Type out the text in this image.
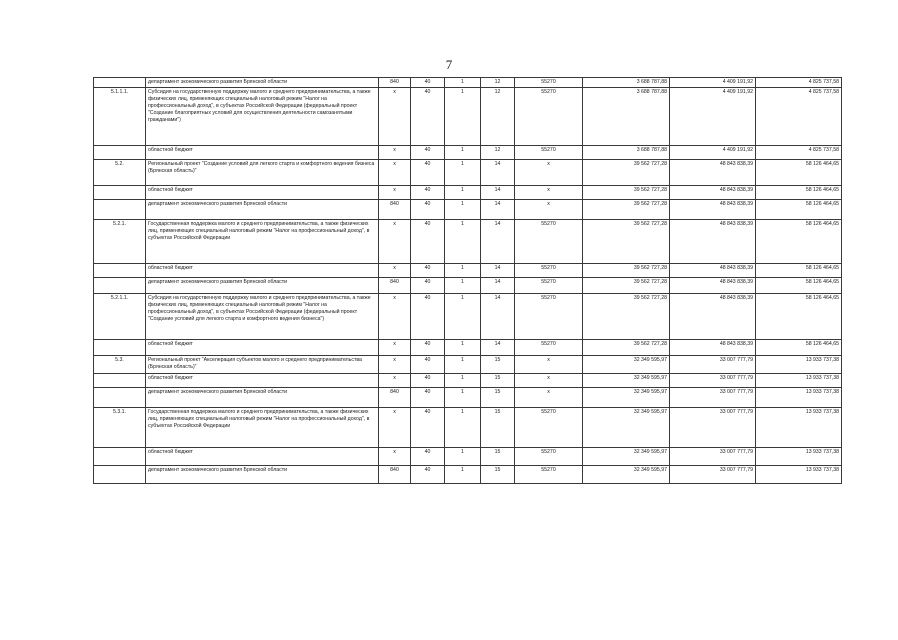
7
	департамент экономического развития Брянской области	840	40	1	12	55270	3 688 787,88	4 409 191,92	4 825 737,58
5.1.1.1.	Субсидия на государственную поддержку малого и среднего предпринимательства, а также физических лиц, применяющих специальный налоговый режим "Налог на профессиональный доход", в субъектах Российской Федерации (федеральный проект "Создание благоприятных условий для осуществления деятельности самозанятыми гражданами")	х	40	1	12	55270	3 688 787,88	4 409 191,92	4 825 737,58
	областной бюджет	х	40	1	12	55270	3 688 787,88	4 409 191,92	4 825 737,58
5.2.	Региональный проект "Создание условий для легкого старта и комфортного ведения бизнеса (Брянская область)"	х	40	1	14	х	39 562 727,28	48 843 838,39	58 126 464,65
	областной бюджет	х	40	1	14	х	39 562 727,28	48 843 838,39	58 126 464,65
	департамент экономического развития Брянской области	840	40	1	14	х	39 562 727,28	48 843 838,39	58 126 464,65
5.2.1.	Государственная поддержка малого и среднего предпринимательства, а также физических лиц, применяющих специальный налоговый режим "Налог на профессиональный доход", в субъектах Российской Федерации	х	40	1	14	55270	39 562 727,28	48 843 838,39	58 126 464,65
	областной бюджет	х	40	1	14	55270	39 562 727,28	48 843 838,39	58 126 464,65
	департамент экономического развития Брянской области	840	40	1	14	55270	39 562 727,28	48 843 838,39	58 126 464,65
5.2.1.1.	Субсидия на государственную поддержку малого и среднего предпринимательства, а также физических лиц, применяющих специальный налоговый режим "Налог на профессиональный доход", в субъектах Российской Федерации (федеральный проект "Создание условий для легкого старта и комфортного ведения бизнеса")	х	40	1	14	55270	39 562 727,28	48 843 838,39	58 126 464,65
	областной бюджет	х	40	1	14	55270	39 562 727,28	48 843 838,39	58 126 464,65
5.3.	Региональный проект "Акселерация субъектов малого и среднего предпринимательства (Брянская область)"	х	40	1	15	х	32 349 595,97	33 007 777,79	13 933 737,38
	областной бюджет	х	40	1	15	х	32 349 595,97	33 007 777,79	13 933 737,38
	департамент экономического развития Брянской области	840	40	1	15	х	32 349 595,97	33 007 777,79	13 933 737,38
5.3.1.	Государственная поддержка малого и среднего предпринимательства, а также физических лиц, применяющих специальный налоговый режим "Налог на профессиональный доход", в субъектах Российской Федерации	х	40	1	15	55270	32 349 595,97	33 007 777,79	13 933 737,38
	областной бюджет	х	40	1	15	55270	32 349 595,97	33 007 777,79	13 933 737,38
	департамент экономического развития Брянской области	840	40	1	15	55270	32 349 595,97	33 007 777,79	13 933 737,38
